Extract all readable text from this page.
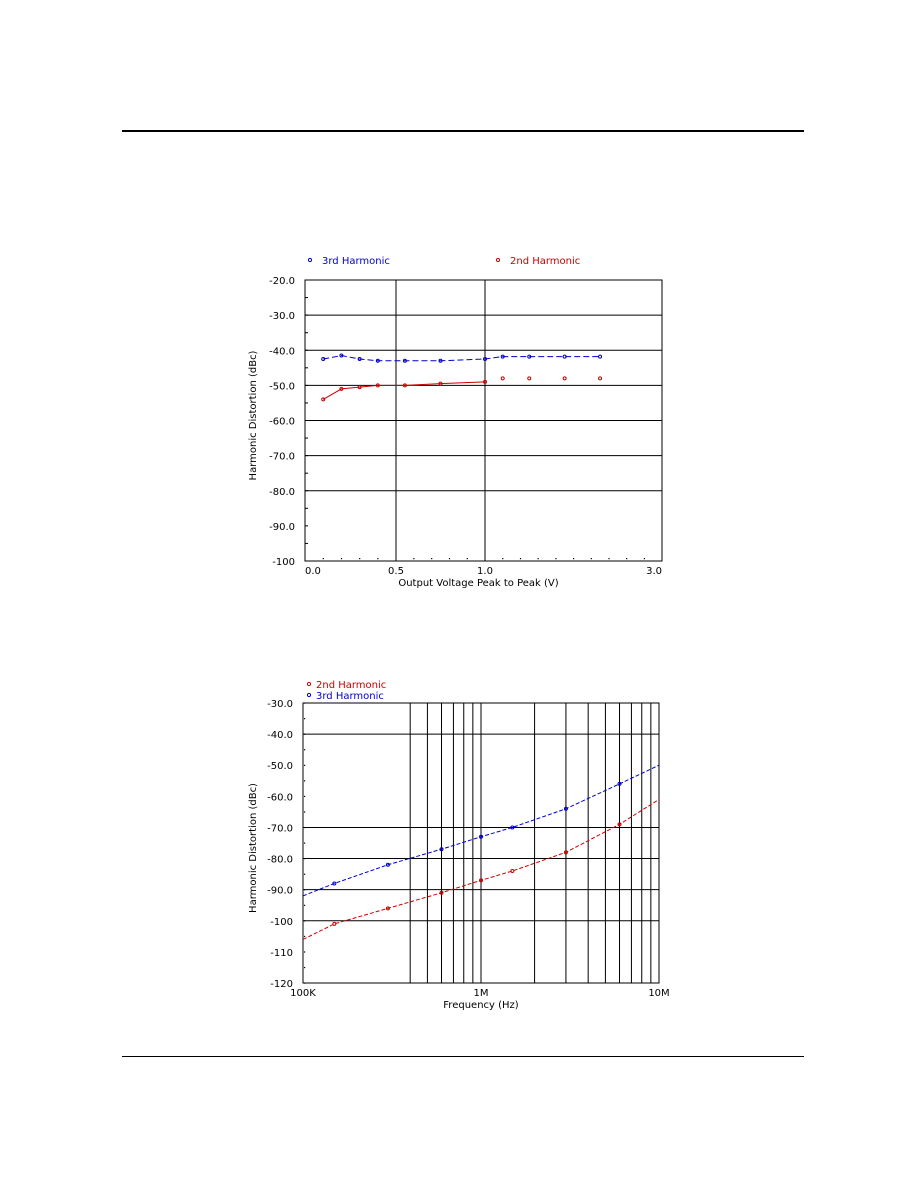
-20.0
-30.0
-40.0
-50.0
-60.0
-70.0
-80.0
-90.0
-100
0.0	0.5	1.0	3.0
Output Voltage Peak to Peak (V)
Harmonic Distortion (dBc)
3rd Harmonic	2nd Harmonic
-30.0
-40.0
-50.0
-60.0
-70.0
-80.0
-90.0
-100
-110
-120
100K	1M	10M
Frequency (Hz)
Harmonic Distortion (dBc)
2nd Harmonic
3rd Harmonic
